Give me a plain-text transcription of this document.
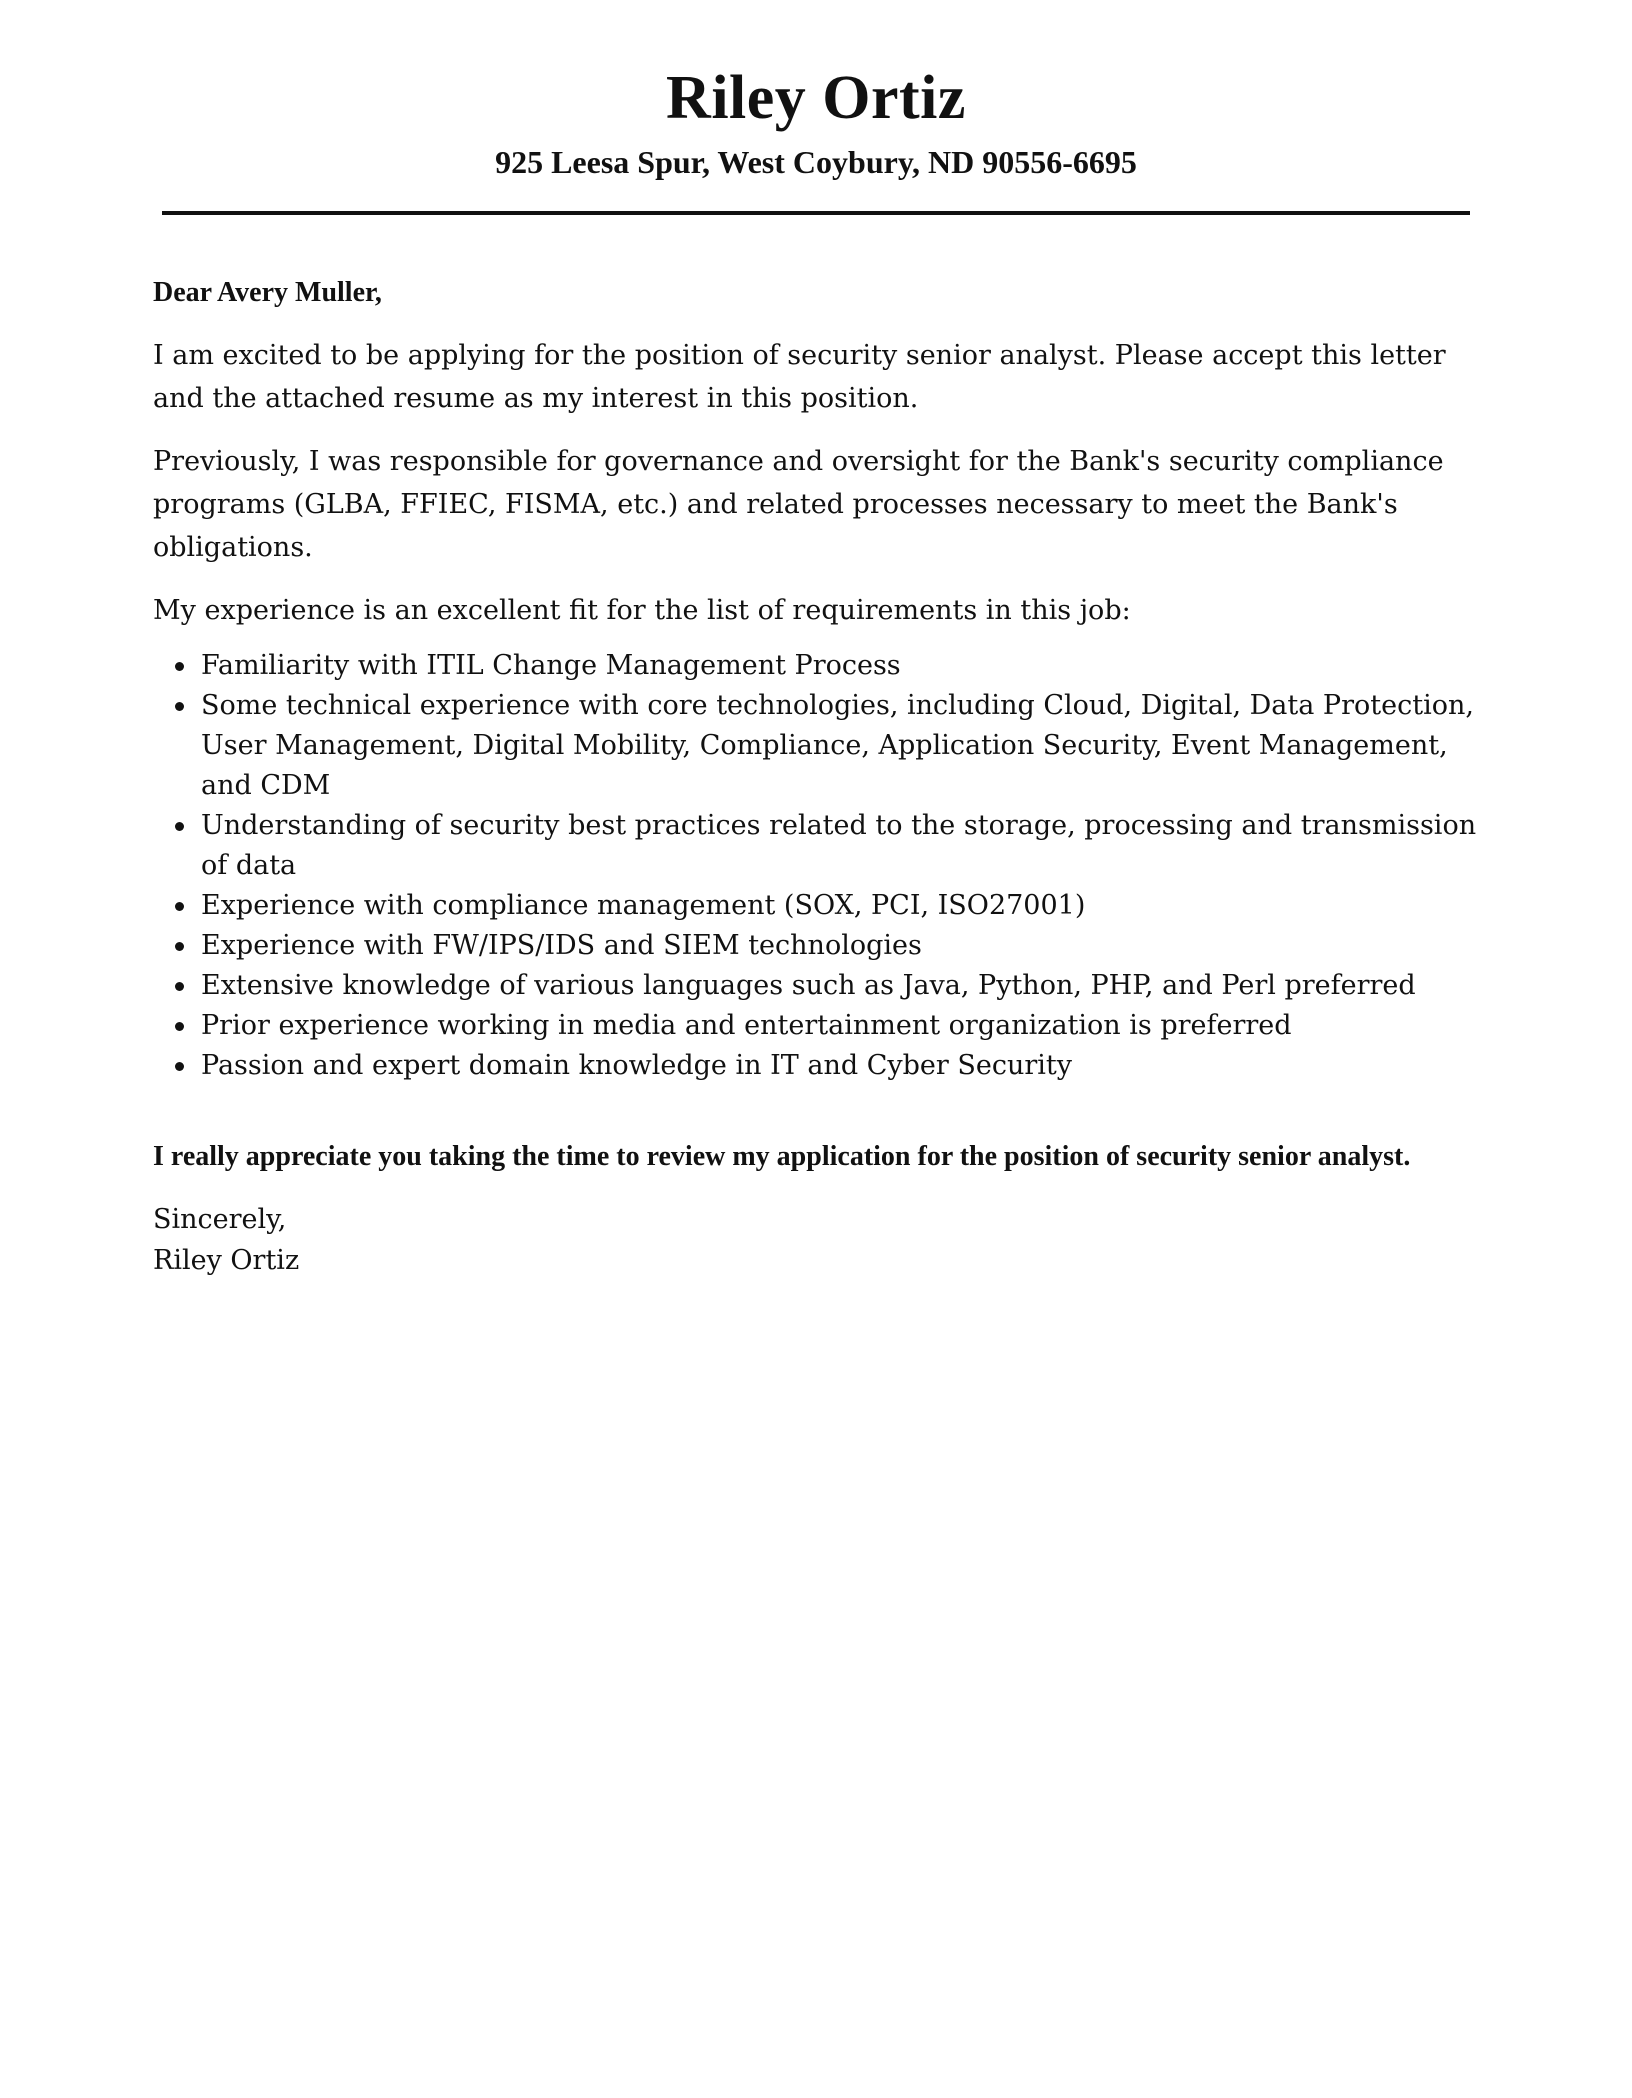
Riley Ortiz
925 Leesa Spur, West Coybury, ND 90556-6695

Dear Avery Muller,

I am excited to be applying for the position of security senior analyst. Please accept this letter and the attached resume as my interest in this position.

Previously, I was responsible for governance and oversight for the Bank's security compliance programs (GLBA, FFIEC, FISMA, etc.) and related processes necessary to meet the Bank's obligations.

My experience is an excellent fit for the list of requirements in this job:

Familiarity with ITIL Change Management Process
Some technical experience with core technologies, including Cloud, Digital, Data Protection, User Management, Digital Mobility, Compliance, Application Security, Event Management, and CDM
Understanding of security best practices related to the storage, processing and transmission of data
Experience with compliance management (SOX, PCI, ISO27001)
Experience with FW/IPS/IDS and SIEM technologies
Extensive knowledge of various languages such as Java, Python, PHP, and Perl preferred
Prior experience working in media and entertainment organization is preferred
Passion and expert domain knowledge in IT and Cyber Security

I really appreciate you taking the time to review my application for the position of security senior analyst.

Sincerely,
Riley Ortiz
